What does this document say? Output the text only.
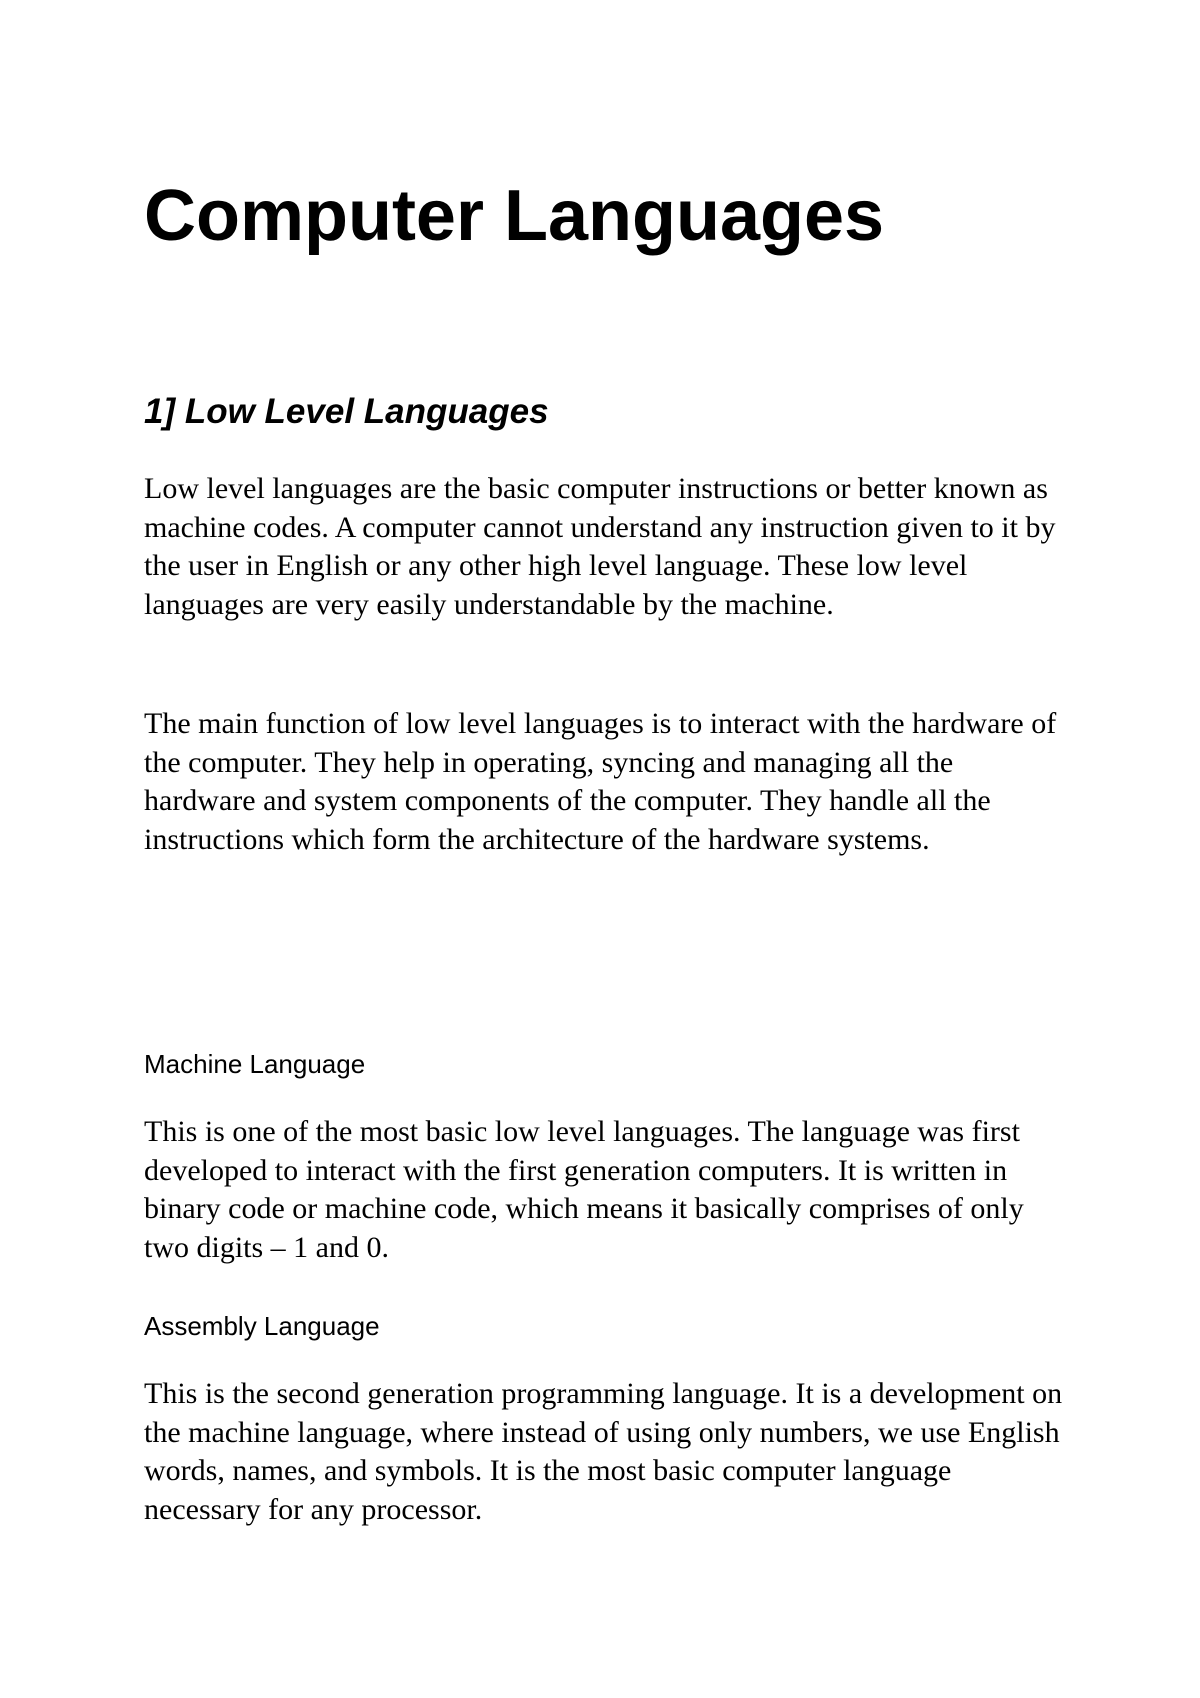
Computer Languages
1] Low Level Languages

Low level languages are the basic computer instructions or better known as machine codes. A computer cannot understand any instruction given to it by the user in English or any other high level language. These low level languages are very easily understandable by the machine.

The main function of low level languages is to interact with the hardware of the computer. They help in operating, syncing and managing all the hardware and system components of the computer. They handle all the instructions which form the architecture of the hardware systems.

Machine Language

This is one of the most basic low level languages. The language was first developed to interact with the first generation computers. It is written in binary code or machine code, which means it basically comprises of only two digits – 1 and 0.

Assembly Language

This is the second generation programming language. It is a development on the machine language, where instead of using only numbers, we use English words, names, and symbols. It is the most basic computer language necessary for any processor.
